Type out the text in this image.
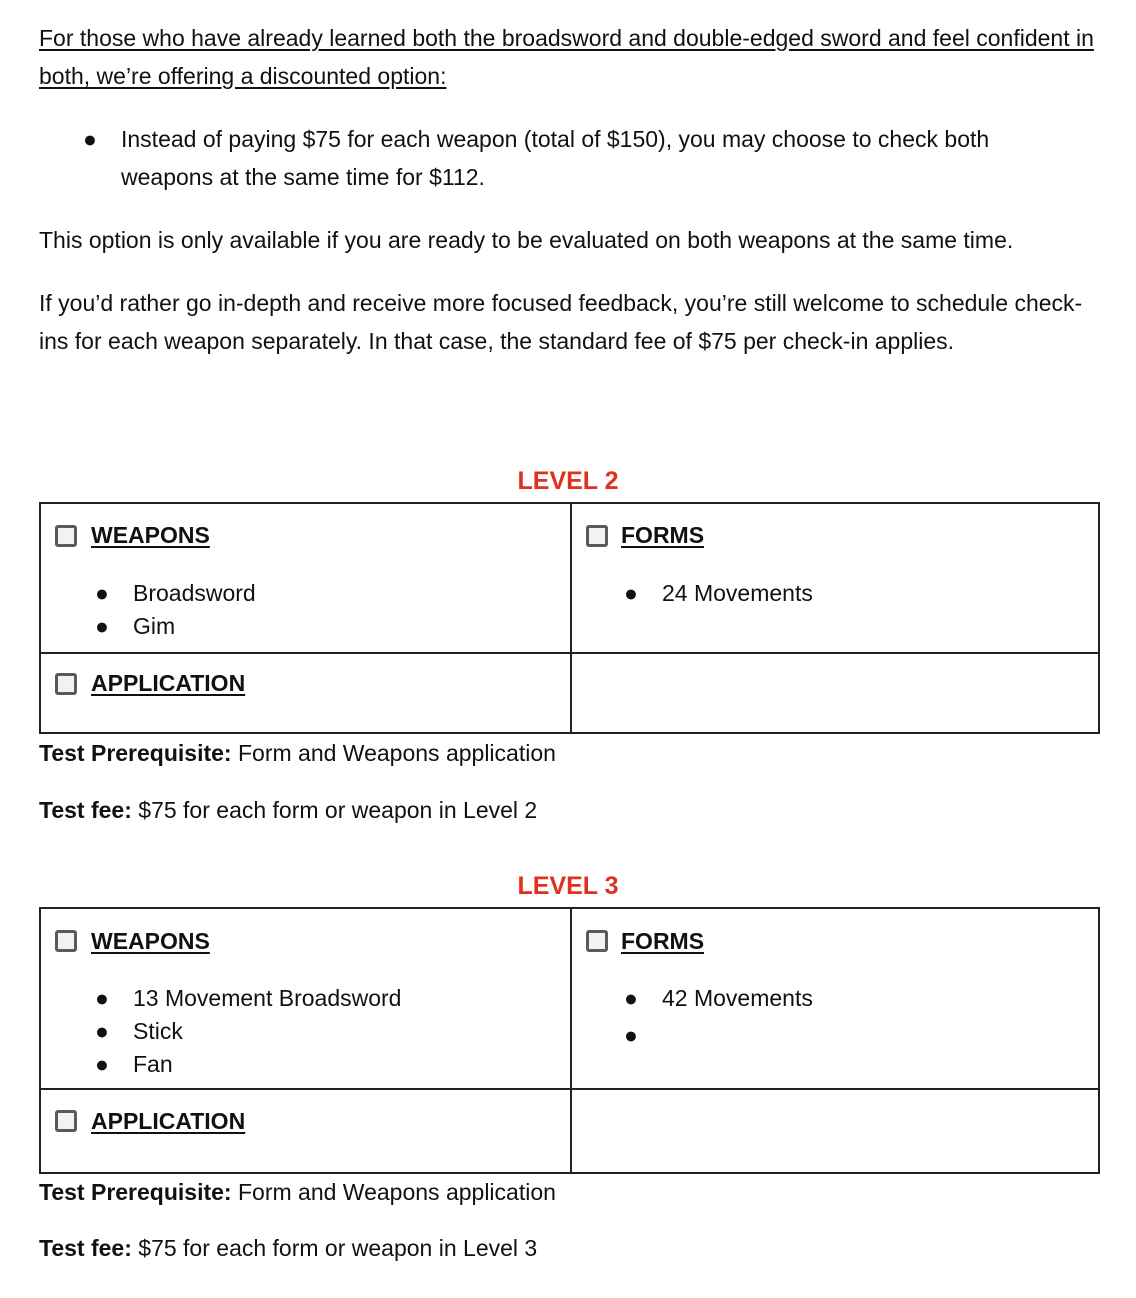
For those who have already learned both the broadsword and double-edged sword and feel confident in both, we’re offering a discounted option:
● Instead of paying $75 for each weapon (total of $150), you may choose to check both weapons at the same time for $112.
This option is only available if you are ready to be evaluated on both weapons at the same time.
If you’d rather go in-depth and receive more focused feedback, you’re still welcome to schedule check-ins for each weapon separately. In that case, the standard fee of $75 per check-in applies.
LEVEL 2
WEAPONS
● Broadsword
● Gim
FORMS
● 24 Movements
APPLICATION
Test Prerequisite: Form and Weapons application
Test fee: $75 for each form or weapon in Level 2
LEVEL 3
WEAPONS
● 13 Movement Broadsword
● Stick
● Fan
FORMS
● 42 Movements
●
APPLICATION
Test Prerequisite: Form and Weapons application
Test fee: $75 for each form or weapon in Level 3
